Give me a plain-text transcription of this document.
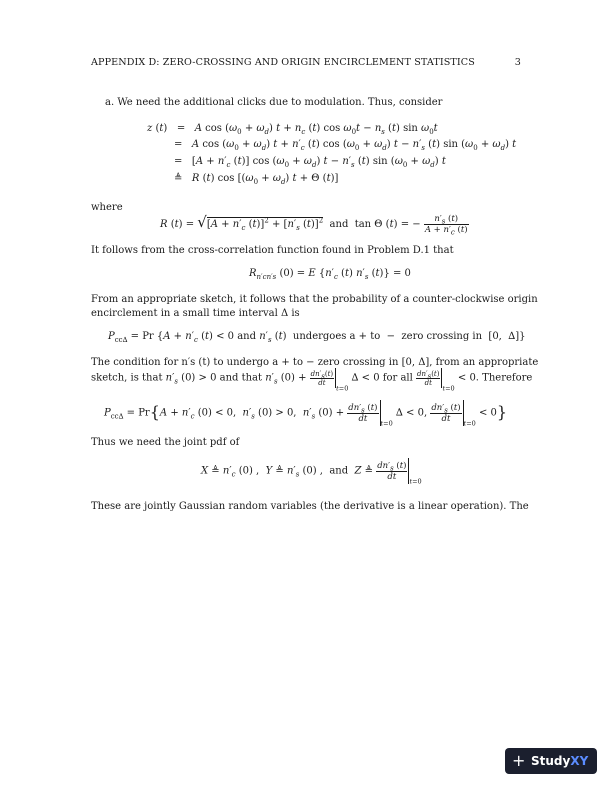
APPENDIX D: ZERO-CROSSING AND ORIGIN ENCIRCLEMENT STATISTICS	3
a. We need the additional clicks due to modulation. Thus, consider
z (t)   =   A $\cos (\omega_0 + \omega_d) t + n_c$ (t) $\cos \omega_0t - n_s$ (t) $\sin \omega_0t$
=   A $\cos (\omega_0 + \omega_d) t + n'_c$ (t) $\cos (\omega_0 + \omega_d) t - n'_s$ (t) $\sin (\omega_0 + \omega_d)$ t
=   [$A + n'_c$ (t)] $\cos (\omega_0 + \omega_d) t - n'_s$ (t) $\sin (\omega_0 + \omega_d)$ t
≜   R (t) $\cos [(\omega_0 + \omega_d) t + \Theta$ (t)]
where
R $(t) = √[A + n'_c$ $(t)]^2 + [n'_s$ (t)]$^2$  and  tan Θ (t) = − $\frac{n'_s (t)}{A + n'_c (t)}$
It follows from the cross-correlation function found in Problem D.1 that
$R_{n'cn's}$ (0) = E {$n'_c$ (t) $n'_s$ (t)} = 0
From an appropriate sketch, it follows that the probability of a counter-clockwise origin
encirclement in a small time interval Δ is
$P_{cc\Delta} = Pr$ {$A + n'_c$ (t) < 0 and $n'_s$ (t)  undergoes a + to  −  zero crossing in  [0,  ∆]}
The condition for n′s (t) to undergo a + to − zero crossing in [0, Δ], from an appropriate
sketch, is that $n'_s$ (0) > 0 and that $n'_s$ $(0) + \frac{dn'_s(t)}{dt}$
$_{t=0}$ ∆ < 0 for all $\frac{dn'_s(t)}{dt}$
$_{t=0}$ < 0. Therefore
$P_{cc\Delta} = Pr\{A + n'_c$ (0) < 0,  $n'_s$ (0) > 0,  $n'_s$ $(0) + \frac{dn'_s (t)}{dt} _{t=0}$ ∆ < 0, $\frac{dn'_s (t)}{dt} _{t=0} < 0$}
Thus we need the joint pdf of
X ≜ $n'_c$ (0) ,  Y ≜ $n'_s$ (0) ,  and  Z ≜ $\frac{dn'_s (t)}{dt} _{t=0}$
These are jointly Gaussian random variables (the derivative is a linear operation). The
+ StudyXY
